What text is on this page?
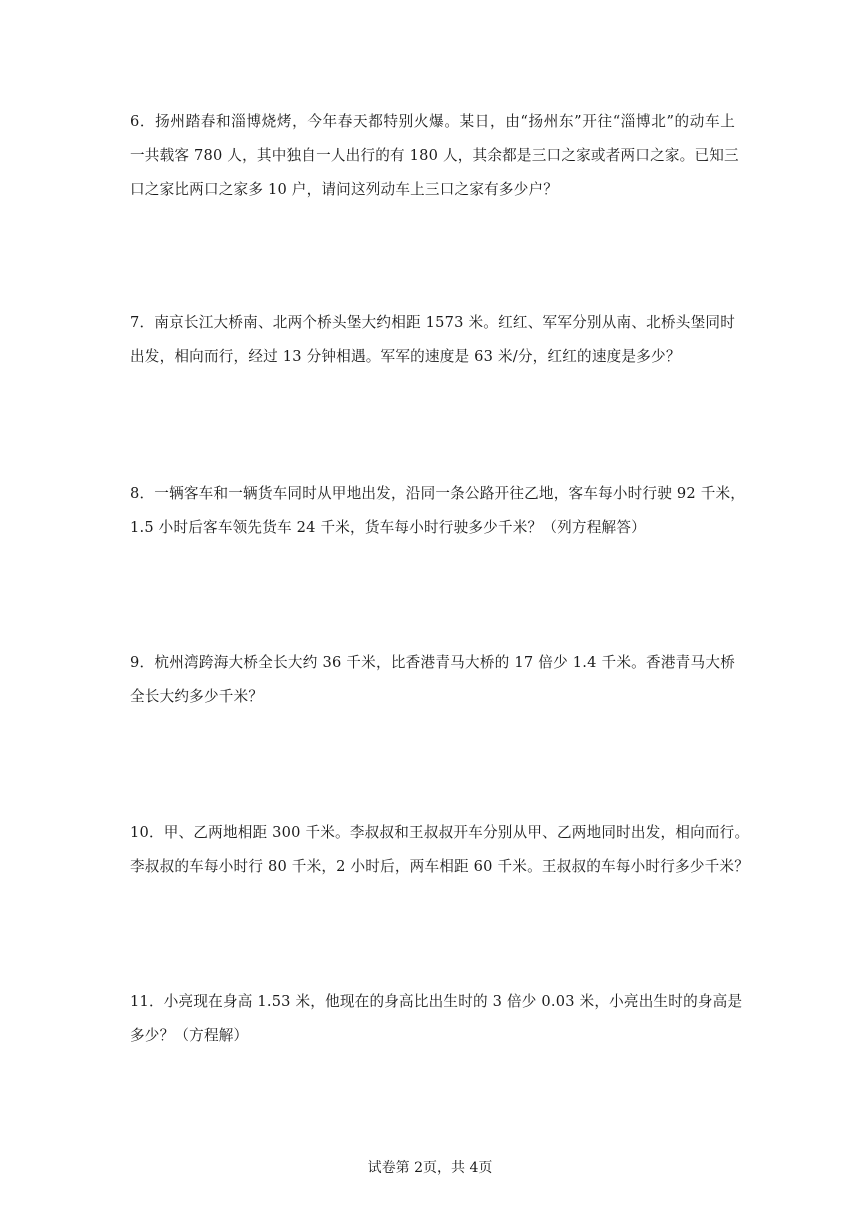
6．扬州踏春和淄博烧烤，今年春天都特别火爆。某日，由“扬州东”开往“淄博北”的动车上
一共载客 780 人，其中独自一人出行的有 180 人，其余都是三口之家或者两口之家。已知三
口之家比两口之家多 10 户，请问这列动车上三口之家有多少户？
7．南京长江大桥南、北两个桥头堡大约相距 1573 米。红红、军军分别从南、北桥头堡同时
出发，相向而行，经过 13 分钟相遇。军军的速度是 63 米/分，红红的速度是多少？
8．一辆客车和一辆货车同时从甲地出发，沿同一条公路开往乙地，客车每小时行驶 92 千米，
1.5 小时后客车领先货车 24 千米，货车每小时行驶多少千米？（列方程解答）
9．杭州湾跨海大桥全长大约 36 千米，比香港青马大桥的 17 倍少 1.4 千米。香港青马大桥
全长大约多少千米？
10．甲、乙两地相距 300 千米。李叔叔和王叔叔开车分别从甲、乙两地同时出发，相向而行。
李叔叔的车每小时行 80 千米，2 小时后，两车相距 60 千米。王叔叔的车每小时行多少千米？
11．小亮现在身高 1.53 米，他现在的身高比出生时的 3 倍少 0.03 米，小亮出生时的身高是
多少？（方程解）
试卷第 2页，共 4页
